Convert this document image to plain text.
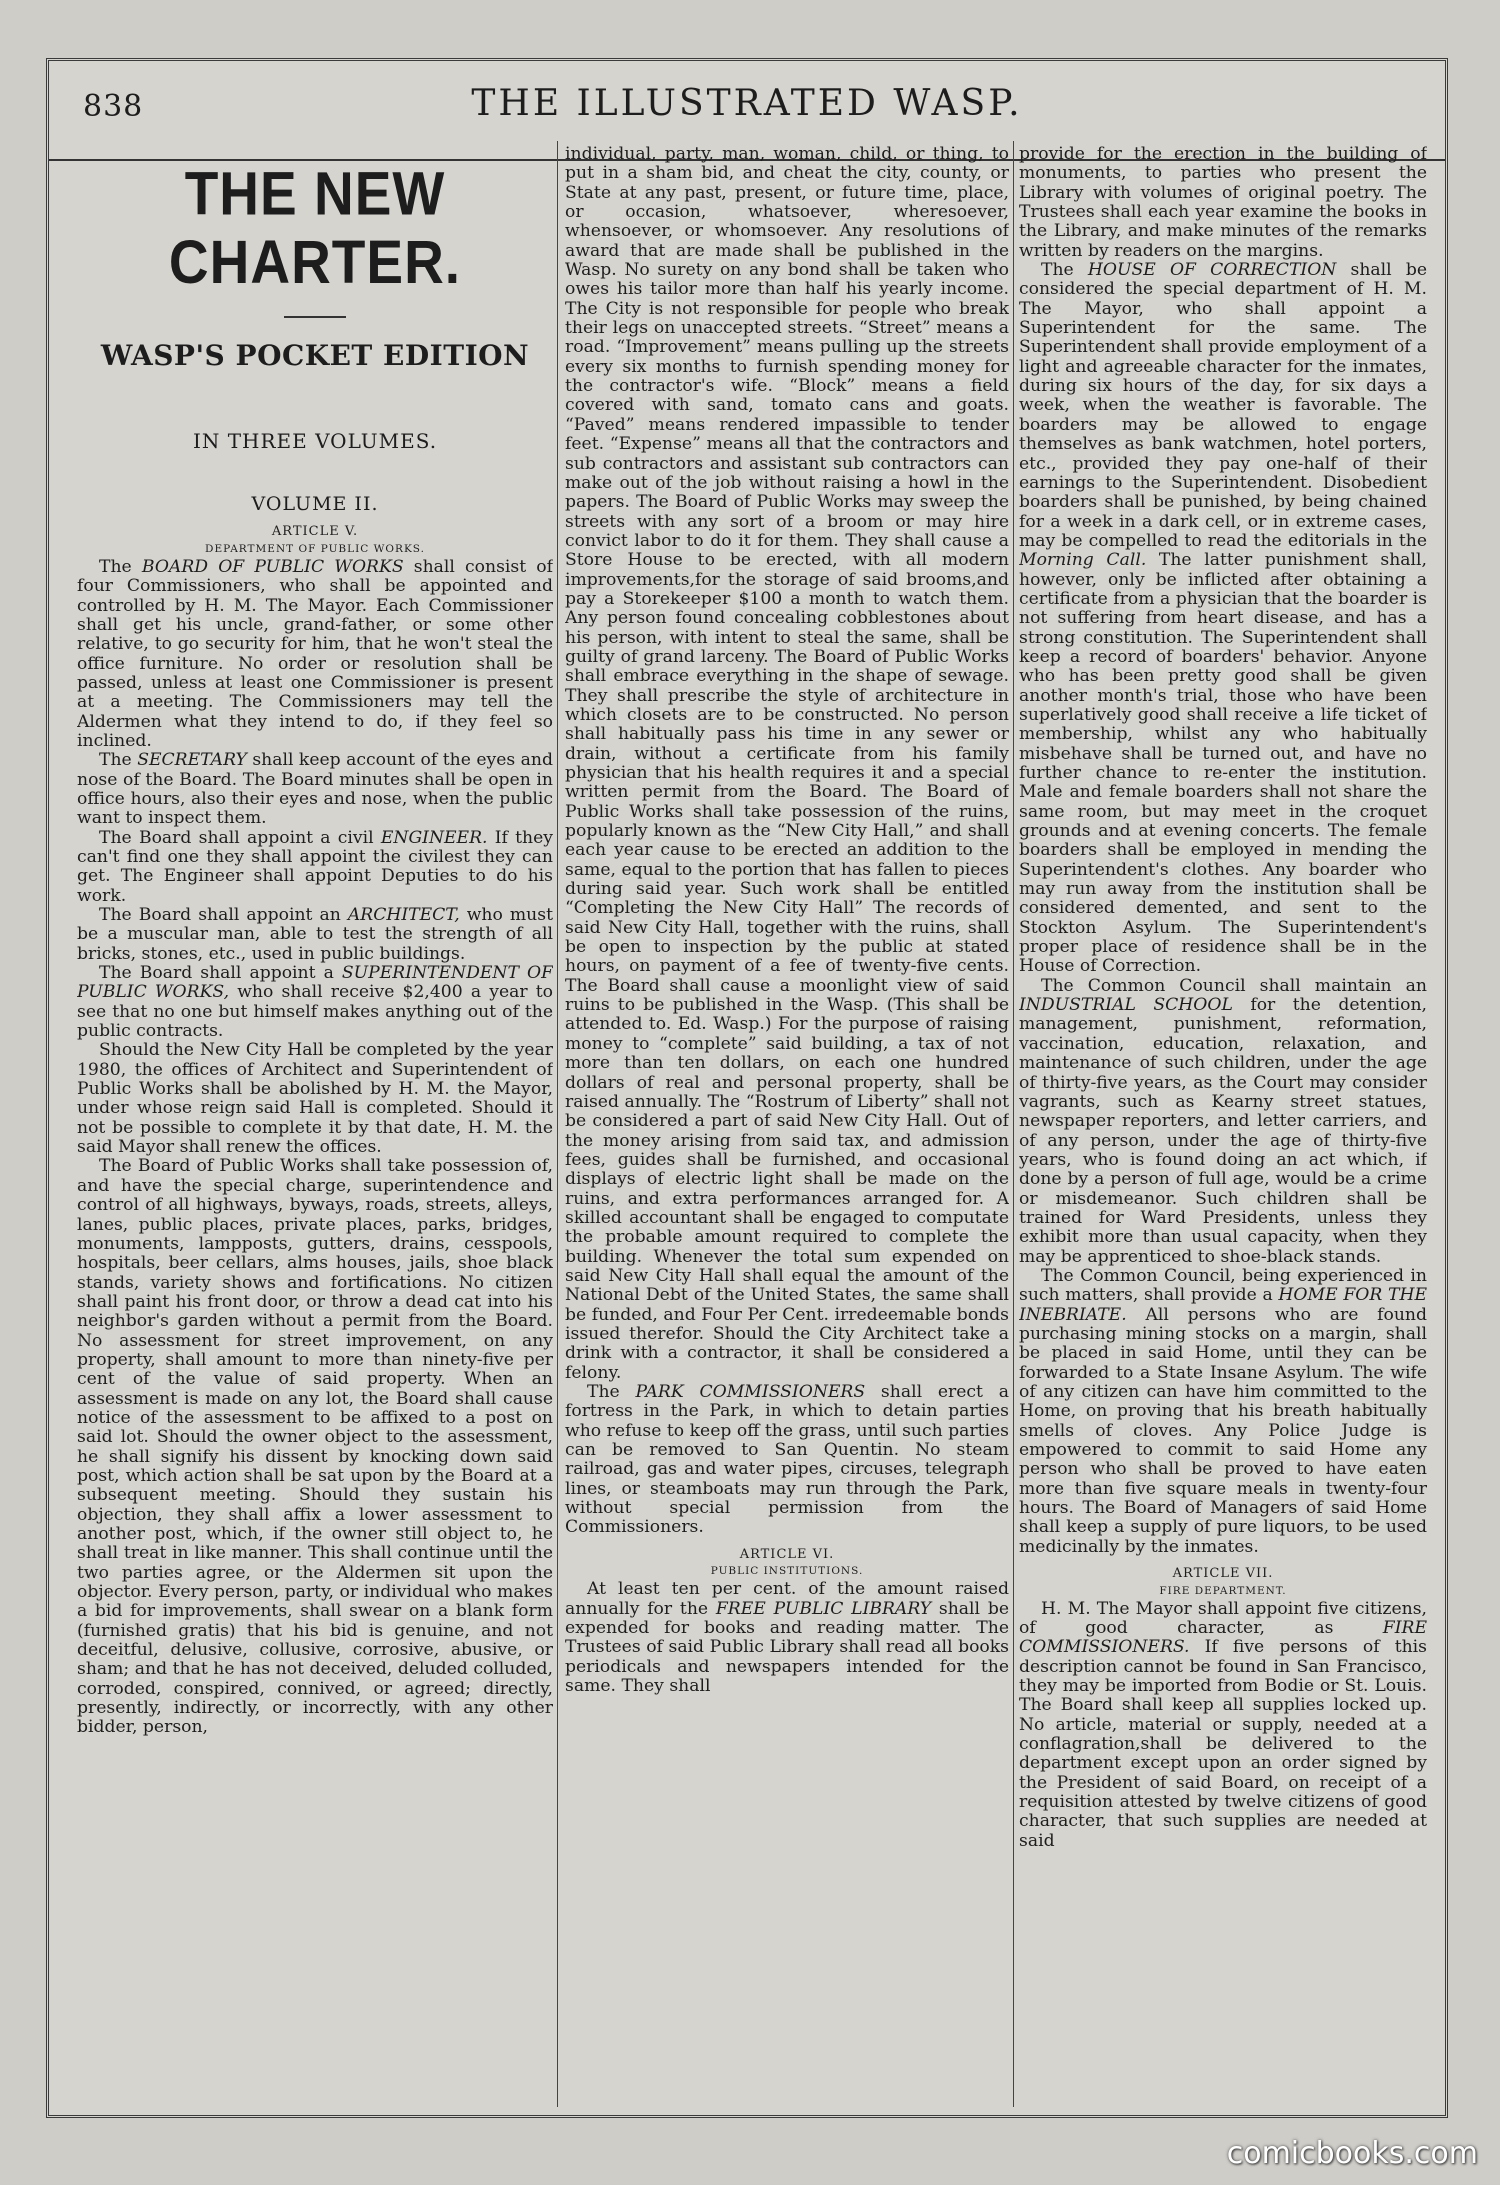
838	THE ILLUSTRATED WASP.
THE NEW CHARTER.
WASP'S POCKET EDITION
IN THREE VOLUMES.
VOLUME II.
ARTICLE V.
DEPARTMENT OF PUBLIC WORKS.

The BOARD OF PUBLIC WORKS shall consist of four Commissioners, who shall be appointed and controlled by H. M. The Mayor. Each Commissioner shall get his uncle, grand-father, or some other relative, to go security for him, that he won't steal the office furniture. No order or resolution shall be passed, unless at least one Commissioner is present at a meeting. The Commissioners may tell the Aldermen what they intend to do, if they feel so inclined.

The SECRETARY shall keep account of the eyes and nose of the Board. The Board minutes shall be open in office hours, also their eyes and nose, when the public want to inspect them.

The Board shall appoint a civil ENGINEER. If they can't find one they shall appoint the civilest they can get. The Engineer shall appoint Deputies to do his work.

The Board shall appoint an ARCHITECT, who must be a muscular man, able to test the strength of all bricks, stones, etc., used in public buildings.

The Board shall appoint a SUPERINTENDENT OF PUBLIC WORKS, who shall receive $2,400 a year to see that no one but himself makes anything out of the public contracts.

Should the New City Hall be completed by the year 1980, the offices of Architect and Superintendent of Public Works shall be abolished by H. M. the Mayor, under whose reign said Hall is completed. Should it not be possible to complete it by that date, H. M. the said Mayor shall renew the offices.

The Board of Public Works shall take possession of, and have the special charge, superintendence and control of all highways, byways, roads, streets, alleys, lanes, public places, private places, parks, bridges, monuments, lampposts, gutters, drains, cesspools, hospitals, beer cellars, alms houses, jails, shoe black stands, variety shows and fortifications. No citizen shall paint his front door, or throw a dead cat into his neighbor's garden without a permit from the Board. No assessment for street improvement, on any property, shall amount to more than ninety-five per cent of the value of said property. When an assessment is made on any lot, the Board shall cause notice of the assessment to be affixed to a post on said lot. Should the owner object to the assessment, he shall signify his dissent by knocking down said post, which action shall be sat upon by the Board at a subsequent meeting. Should they sustain his objection, they shall affix a lower assessment to another post, which, if the owner still object to, he shall treat in like manner. This shall continue until the two parties agree, or the Aldermen sit upon the objector. Every person, party, or individual who makes a bid for improvements, shall swear on a blank form (furnished gratis) that his bid is genuine, and not deceitful, delusive, collusive, corrosive, abusive, or sham; and that he has not deceived, deluded colluded, corroded, conspired, connived, or agreed; directly, presently, indirectly, or incorrectly, with any other bidder, person,

individual, party, man, woman, child, or thing, to put in a sham bid, and cheat the city, county, or State at any past, present, or future time, place, or occasion, whatsoever, wheresoever, whensoever, or whomsoever. Any resolutions of award that are made shall be published in the Wasp. No surety on any bond shall be taken who owes his tailor more than half his yearly income. The City is not responsible for people who break their legs on unaccepted streets. “Street” means a road. “Improvement” means pulling up the streets every six months to furnish spending money for the contractor's wife. “Block” means a field covered with sand, tomato cans and goats. “Paved” means rendered impassible to tender feet. “Expense” means all that the contractors and sub contractors and assistant sub contractors can make out of the job without raising a howl in the papers. The Board of Public Works may sweep the streets with any sort of a broom or may hire convict labor to do it for them. They shall cause a Store House to be erected, with all modern improvements,for the storage of said brooms,and pay a Storekeeper $100 a month to watch them. Any person found concealing cobblestones about his person, with intent to steal the same, shall be guilty of grand larceny. The Board of Public Works shall embrace everything in the shape of sewage. They shall prescribe the style of architecture in which closets are to be constructed. No person shall habitually pass his time in any sewer or drain, without a certificate from his family physician that his health requires it and a special written permit from the Board. The Board of Public Works shall take possession of the ruins, popularly known as the “New City Hall,” and shall each year cause to be erected an addition to the same, equal to the portion that has fallen to pieces during said year. Such work shall be entitled “Completing the New City Hall” The records of said New City Hall, together with the ruins, shall be open to inspection by the public at stated hours, on payment of a fee of twenty-five cents. The Board shall cause a moonlight view of said ruins to be published in the Wasp. (This shall be attended to. Ed. Wasp.) For the purpose of raising money to “complete” said building, a tax of not more than ten dollars, on each one hundred dollars of real and personal property, shall be raised annually. The “Rostrum of Liberty” shall not be considered a part of said New City Hall. Out of the money arising from said tax, and admission fees, guides shall be furnished, and occasional displays of electric light shall be made on the ruins, and extra performances arranged for. A skilled accountant shall be engaged to computate the probable amount required to complete the building. Whenever the total sum expended on said New City Hall shall equal the amount of the National Debt of the United States, the same shall be funded, and Four Per Cent. irredeemable bonds issued therefor. Should the City Architect take a drink with a contractor, it shall be considered a felony.

The PARK COMMISSIONERS shall erect a fortress in the Park, in which to detain parties who refuse to keep off the grass, until such parties can be removed to San Quentin. No steam railroad, gas and water pipes, circuses, telegraph lines, or steamboats may run through the Park, without special permission from the Commissioners.

ARTICLE VI.
PUBLIC INSTITUTIONS.

At least ten per cent. of the amount raised annually for the FREE PUBLIC LIBRARY shall be expended for books and reading matter. The Trustees of said Public Library shall read all books periodicals and newspapers intended for the same. They shall

provide for the erection in the building of monuments, to parties who present the Library with volumes of original poetry. The Trustees shall each year examine the books in the Library, and make minutes of the remarks written by readers on the margins.

The HOUSE OF CORRECTION shall be considered the special department of H. M. The Mayor, who shall appoint a Superintendent for the same. The Superintendent shall provide employment of a light and agreeable character for the inmates, during six hours of the day, for six days a week, when the weather is favorable. The boarders may be allowed to engage themselves as bank watchmen, hotel porters, etc., provided they pay one-half of their earnings to the Superintendent. Disobedient boarders shall be punished, by being chained for a week in a dark cell, or in extreme cases, may be compelled to read the editorials in the Morning Call. The latter punishment shall, however, only be inflicted after obtaining a certificate from a physician that the boarder is not suffering from heart disease, and has a strong constitution. The Superintendent shall keep a record of boarders' behavior. Anyone who has been pretty good shall be given another month's trial, those who have been superlatively good shall receive a life ticket of membership, whilst any who habitually misbehave shall be turned out, and have no further chance to re-enter the institution. Male and female boarders shall not share the same room, but may meet in the croquet grounds and at evening concerts. The female boarders shall be employed in mending the Superintendent's clothes. Any boarder who may run away from the institution shall be considered demented, and sent to the Stockton Asylum. The Superintendent's proper place of residence shall be in the House of Correction.

The Common Council shall maintain an INDUSTRIAL SCHOOL for the detention, management, punishment, reformation, vaccination, education, relaxation, and maintenance of such children, under the age of thirty-five years, as the Court may consider vagrants, such as Kearny street statues, newspaper reporters, and letter carriers, and of any person, under the age of thirty-five years, who is found doing an act which, if done by a person of full age, would be a crime or misdemeanor. Such children shall be trained for Ward Presidents, unless they exhibit more than usual capacity, when they may be apprenticed to shoe-black stands.

The Common Council, being experienced in such matters, shall provide a HOME FOR THE INEBRIATE. All persons who are found purchasing mining stocks on a margin, shall be placed in said Home, until they can be forwarded to a State Insane Asylum. The wife of any citizen can have him committed to the Home, on proving that his breath habitually smells of cloves. Any Police Judge is empowered to commit to said Home any person who shall be proved to have eaten more than five square meals in twenty-four hours. The Board of Managers of said Home shall keep a supply of pure liquors, to be used medicinally by the inmates.

ARTICLE VII.
FIRE DEPARTMENT.

H. M. The Mayor shall appoint five citizens, of good character, as FIRE COMMISSIONERS. If five persons of this description cannot be found in San Francisco, they may be imported from Bodie or St. Louis. The Board shall keep all supplies locked up. No article, material or supply, needed at a conflagration,shall be delivered to the department except upon an order signed by the President of said Board, on receipt of a requisition attested by twelve citizens of good character, that such supplies are needed at said

comicbooks.com
